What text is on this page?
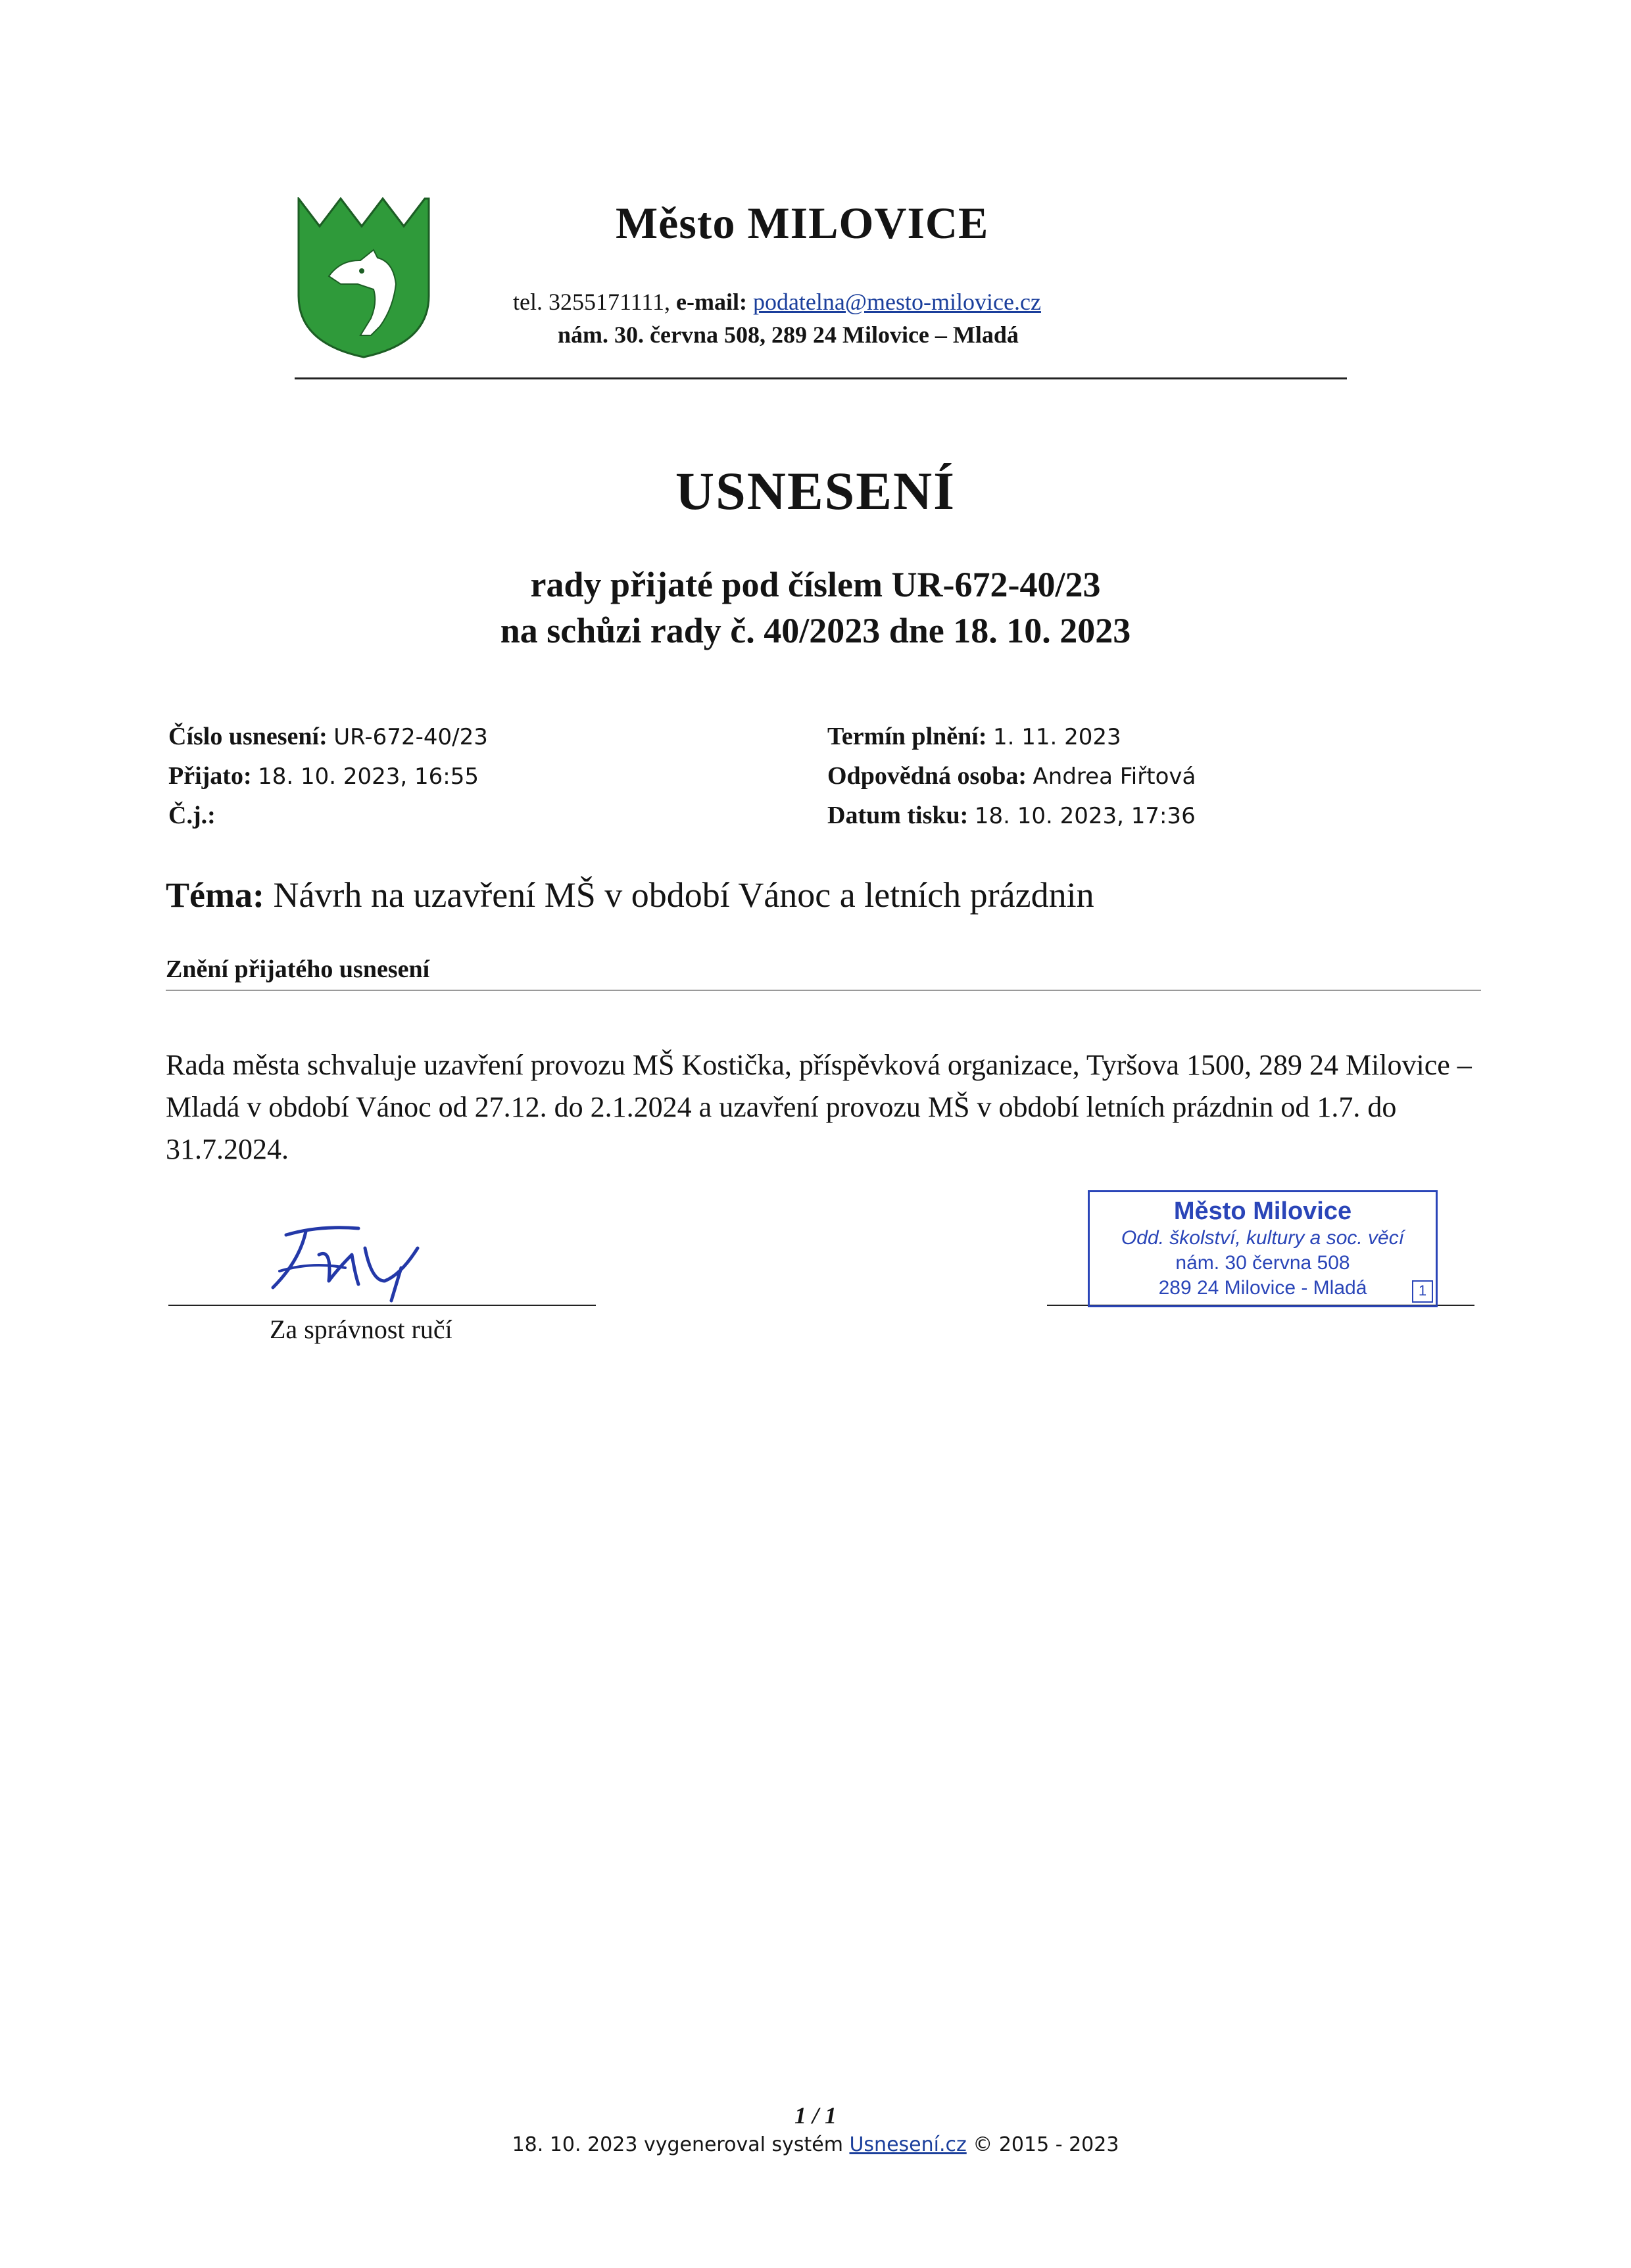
Město MILOVICE
tel. 3255171111, e-mail: podatelna@mesto-milovice.cz
nám. 30. června 508, 289 24 Milovice – Mladá
USNESENÍ
rady přijaté pod číslem UR-672-40/23
na schůzi rady č. 40/2023 dne 18. 10. 2023
Číslo usnesení: UR-672-40/23
Přijato: 18. 10. 2023, 16:55
Č.j.:
Termín plnění: 1. 11. 2023
Odpovědná osoba: Andrea Fiřtová
Datum tisku: 18. 10. 2023, 17:36
Téma: Návrh na uzavření MŠ v období Vánoc a letních prázdnin
Znění přijatého usnesení
Rada města schvaluje uzavření provozu MŠ Kostička, příspěvková organizace, Tyršova 1500, 289 24 Milovice – Mladá v období Vánoc od 27.12. do 2.1.2024 a uzavření provozu MŠ v období letních prázdnin od 1.7. do 31.7.2024.
Za správnost ručí
Město Milovice
Odd. školství, kultury a soc. věcí
nám. 30 června 508
289 24 Milovice - Mladá	1
1 / 1
18. 10. 2023 vygeneroval systém Usnesení.cz © 2015 - 2023
